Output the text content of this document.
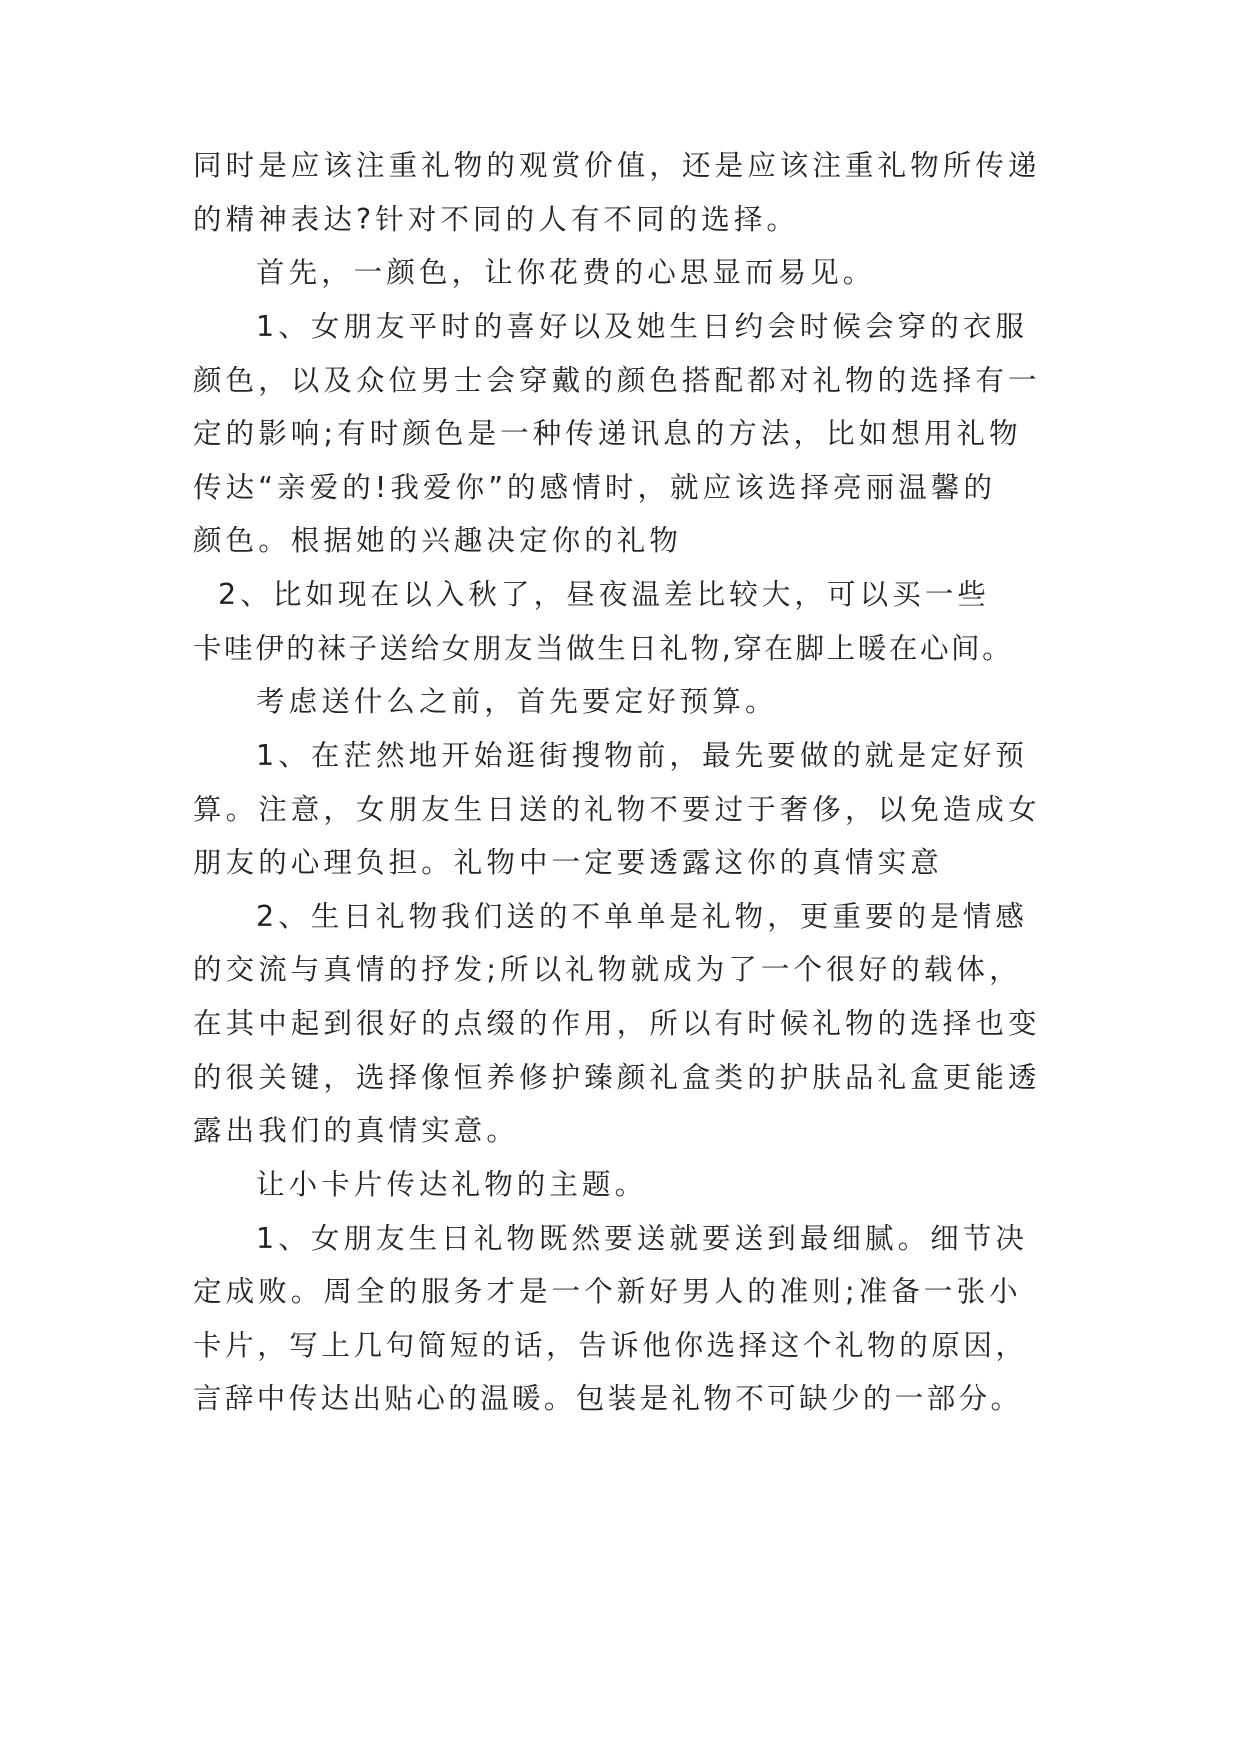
同时是应该注重礼物的观赏价值，还是应该注重礼物所传递
的精神表达?针对不同的人有不同的选择。
首先，一颜色，让你花费的心思显而易见。
1、女朋友平时的喜好以及她生日约会时候会穿的衣服
颜色，以及众位男士会穿戴的颜色搭配都对礼物的选择有一
定的影响;有时颜色是一种传递讯息的方法，比如想用礼物
传达“亲爱的!我爱你”的感情时，就应该选择亮丽温馨的
颜色。根据她的兴趣决定你的礼物
2、比如现在以入秋了，昼夜温差比较大，可以买一些
卡哇伊的袜子送给女朋友当做生日礼物,穿在脚上暖在心间。
考虑送什么之前，首先要定好预算。
1、在茫然地开始逛街搜物前，最先要做的就是定好预
算。注意，女朋友生日送的礼物不要过于奢侈，以免造成女
朋友的心理负担。礼物中一定要透露这你的真情实意
2、生日礼物我们送的不单单是礼物，更重要的是情感
的交流与真情的抒发;所以礼物就成为了一个很好的载体，
在其中起到很好的点缀的作用，所以有时候礼物的选择也变
的很关键，选择像恒养修护臻颜礼盒类的护肤品礼盒更能透
露出我们的真情实意。
让小卡片传达礼物的主题。
1、女朋友生日礼物既然要送就要送到最细腻。细节决
定成败。周全的服务才是一个新好男人的准则;准备一张小
卡片，写上几句简短的话，告诉他你选择这个礼物的原因，
言辞中传达出贴心的温暖。包装是礼物不可缺少的一部分。
